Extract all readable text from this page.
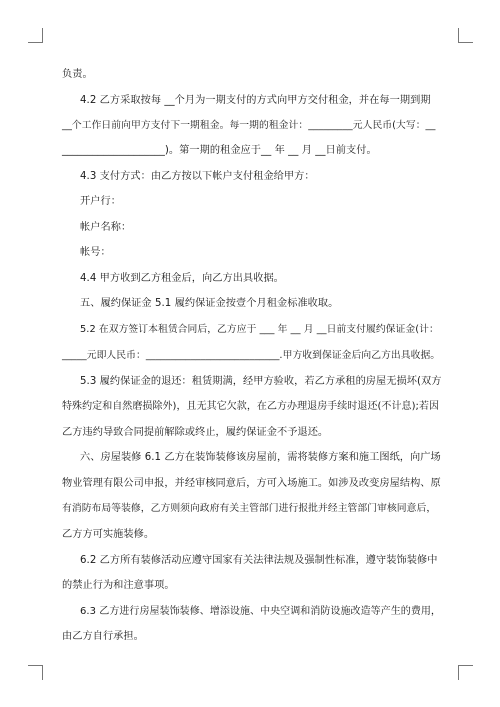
负责。
4.2 乙方采取按每 __个月为一期支付的方式向甲方交付租金，并在每一期到期
__个工作日前向甲方支付下一期租金。每一期的租金计：_________元人民币(大写：__
____________________)。第一期的租金应于__ 年 __ 月 __日前支付。
4.3 支付方式：由乙方按以下帐户支付租金给甲方：
开户行：
帐户名称：
帐号：
4.4 甲方收到乙方租金后，向乙方出具收据。
五、履约保证金 5.1 履约保证金按壹个月租金标准收取。
5.2 在双方签订本租赁合同后，乙方应于 ___ 年 __ 月 __日前支付履约保证金(计：
_____元即人民币：___________________________.甲方收到保证金后向乙方出具收据。
5.3 履约保证金的退还：租赁期满，经甲方验收，若乙方承租的房屋无损坏(双方
特殊约定和自然磨损除外)，且无其它欠款，在乙方办理退房手续时退还(不计息);若因
乙方违约导致合同提前解除或终止，履约保证金不予退还。
六、房屋装修 6.1 乙方在装饰装修该房屋前，需将装修方案和施工图纸，向广场
物业管理有限公司申报，并经审核同意后，方可入场施工。如涉及改变房屋结构、原
有消防布局等装修，乙方则须向政府有关主管部门进行报批并经主管部门审核同意后，
乙方方可实施装修。
6.2 乙方所有装修活动应遵守国家有关法律法规及强制性标准，遵守装饰装修中
的禁止行为和注意事项。
6.3 乙方进行房屋装饰装修、增添设施、中央空调和消防设施改造等产生的费用，
由乙方自行承担。
